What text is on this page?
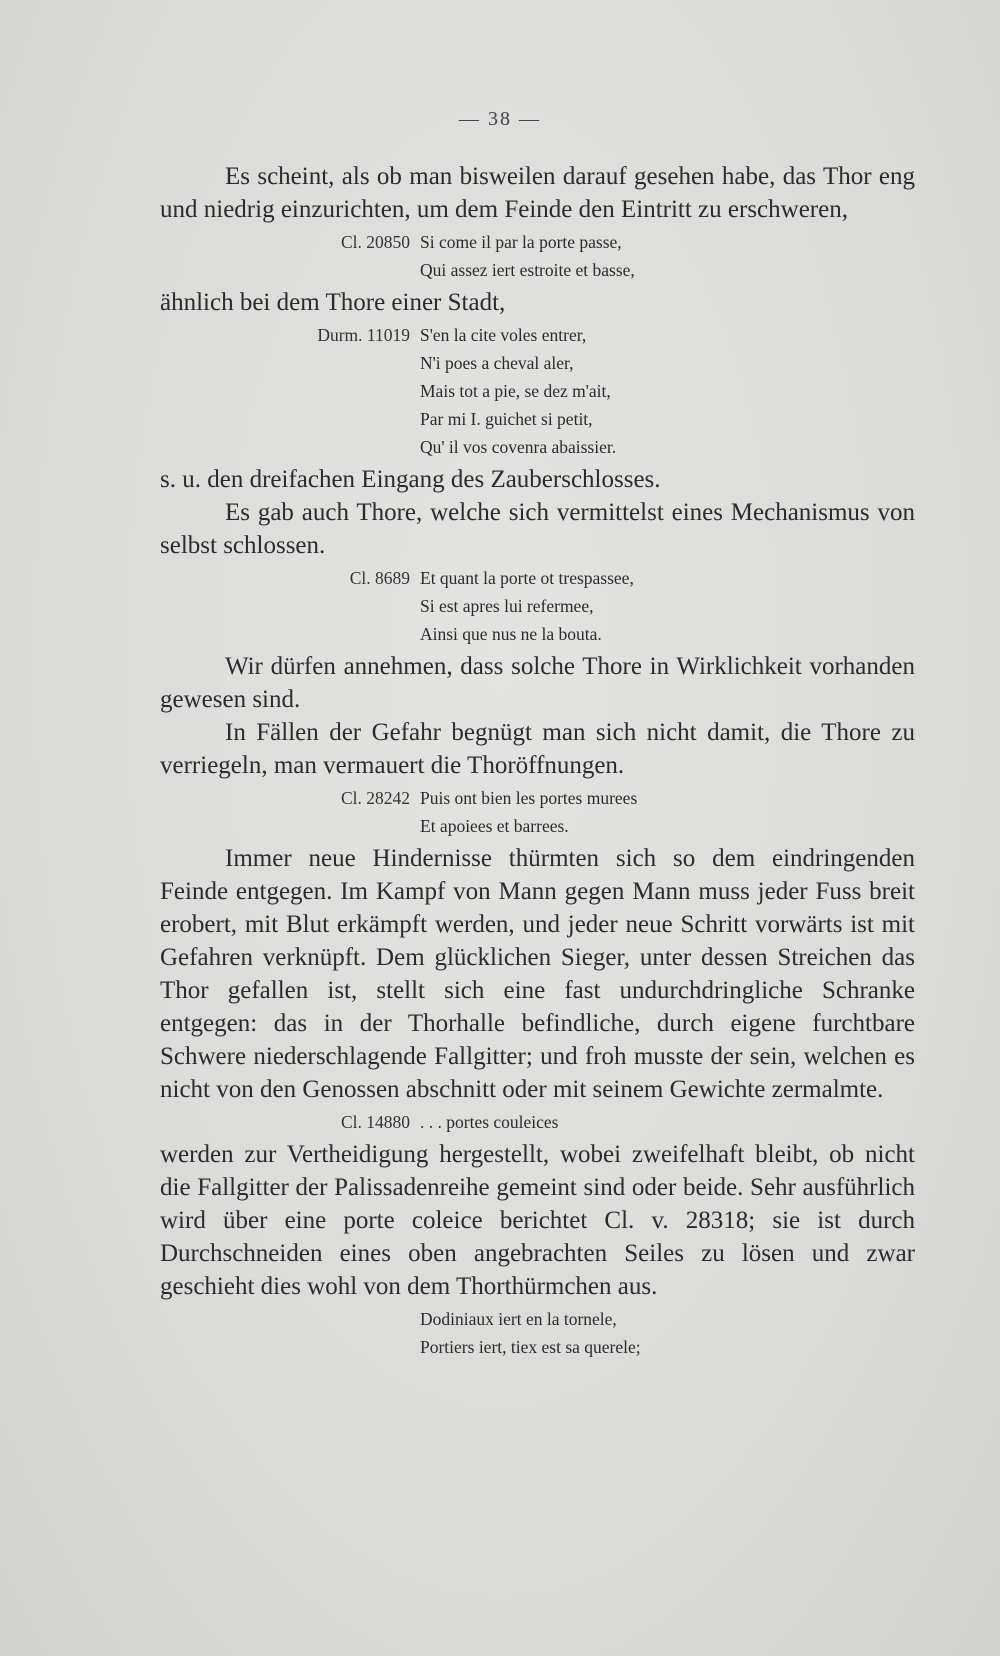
— 38 —

Es scheint, als ob man bisweilen darauf gesehen habe, das Thor eng und niedrig einzurichten, um dem Feinde den Eintritt zu erschweren,

Cl. 20850 Si come il par la porte passe,
Qui assez iert estroite et basse,

ähnlich bei dem Thore einer Stadt,

Durm. 11019 S'en la cite voles entrer,
N'i poes a cheval aler,
Mais tot a pie, se dez m'ait,
Par mi I. guichet si petit,
Qu' il vos covenra abaissier.

s. u. den dreifachen Eingang des Zauberschlosses.

Es gab auch Thore, welche sich vermittelst eines Mechanismus von selbst schlossen.

Cl. 8689 Et quant la porte ot trespassee,
Si est apres lui refermee,
Ainsi que nus ne la bouta.

Wir dürfen annehmen, dass solche Thore in Wirklichkeit vorhanden gewesen sind.

In Fällen der Gefahr begnügt man sich nicht damit, die Thore zu verriegeln, man vermauert die Thoröffnungen.

Cl. 28242 Puis ont bien les portes murees
Et apoiees et barrees.

Immer neue Hindernisse thürmten sich so dem eindringenden Feinde entgegen. Im Kampf von Mann gegen Mann muss jeder Fuss breit erobert, mit Blut erkämpft werden, und jeder neue Schritt vorwärts ist mit Gefahren verknüpft. Dem glücklichen Sieger, unter dessen Streichen das Thor gefallen ist, stellt sich eine fast undurchdringliche Schranke entgegen: das in der Thorhalle befindliche, durch eigene furchtbare Schwere niederschlagende Fallgitter; und froh musste der sein, welchen es nicht von den Genossen abschnitt oder mit seinem Gewichte zermalmte.

Cl. 14880 . . . portes couleices

werden zur Vertheidigung hergestellt, wobei zweifelhaft bleibt, ob nicht die Fallgitter der Palissadenreihe gemeint sind oder beide. Sehr ausführlich wird über eine porte coleice berichtet Cl. v. 28318; sie ist durch Durchschneiden eines oben angebrachten Seiles zu lösen und zwar geschieht dies wohl von dem Thorthürmchen aus.

Dodiniaux iert en la tornele,
Portiers iert, tiex est sa querele;
